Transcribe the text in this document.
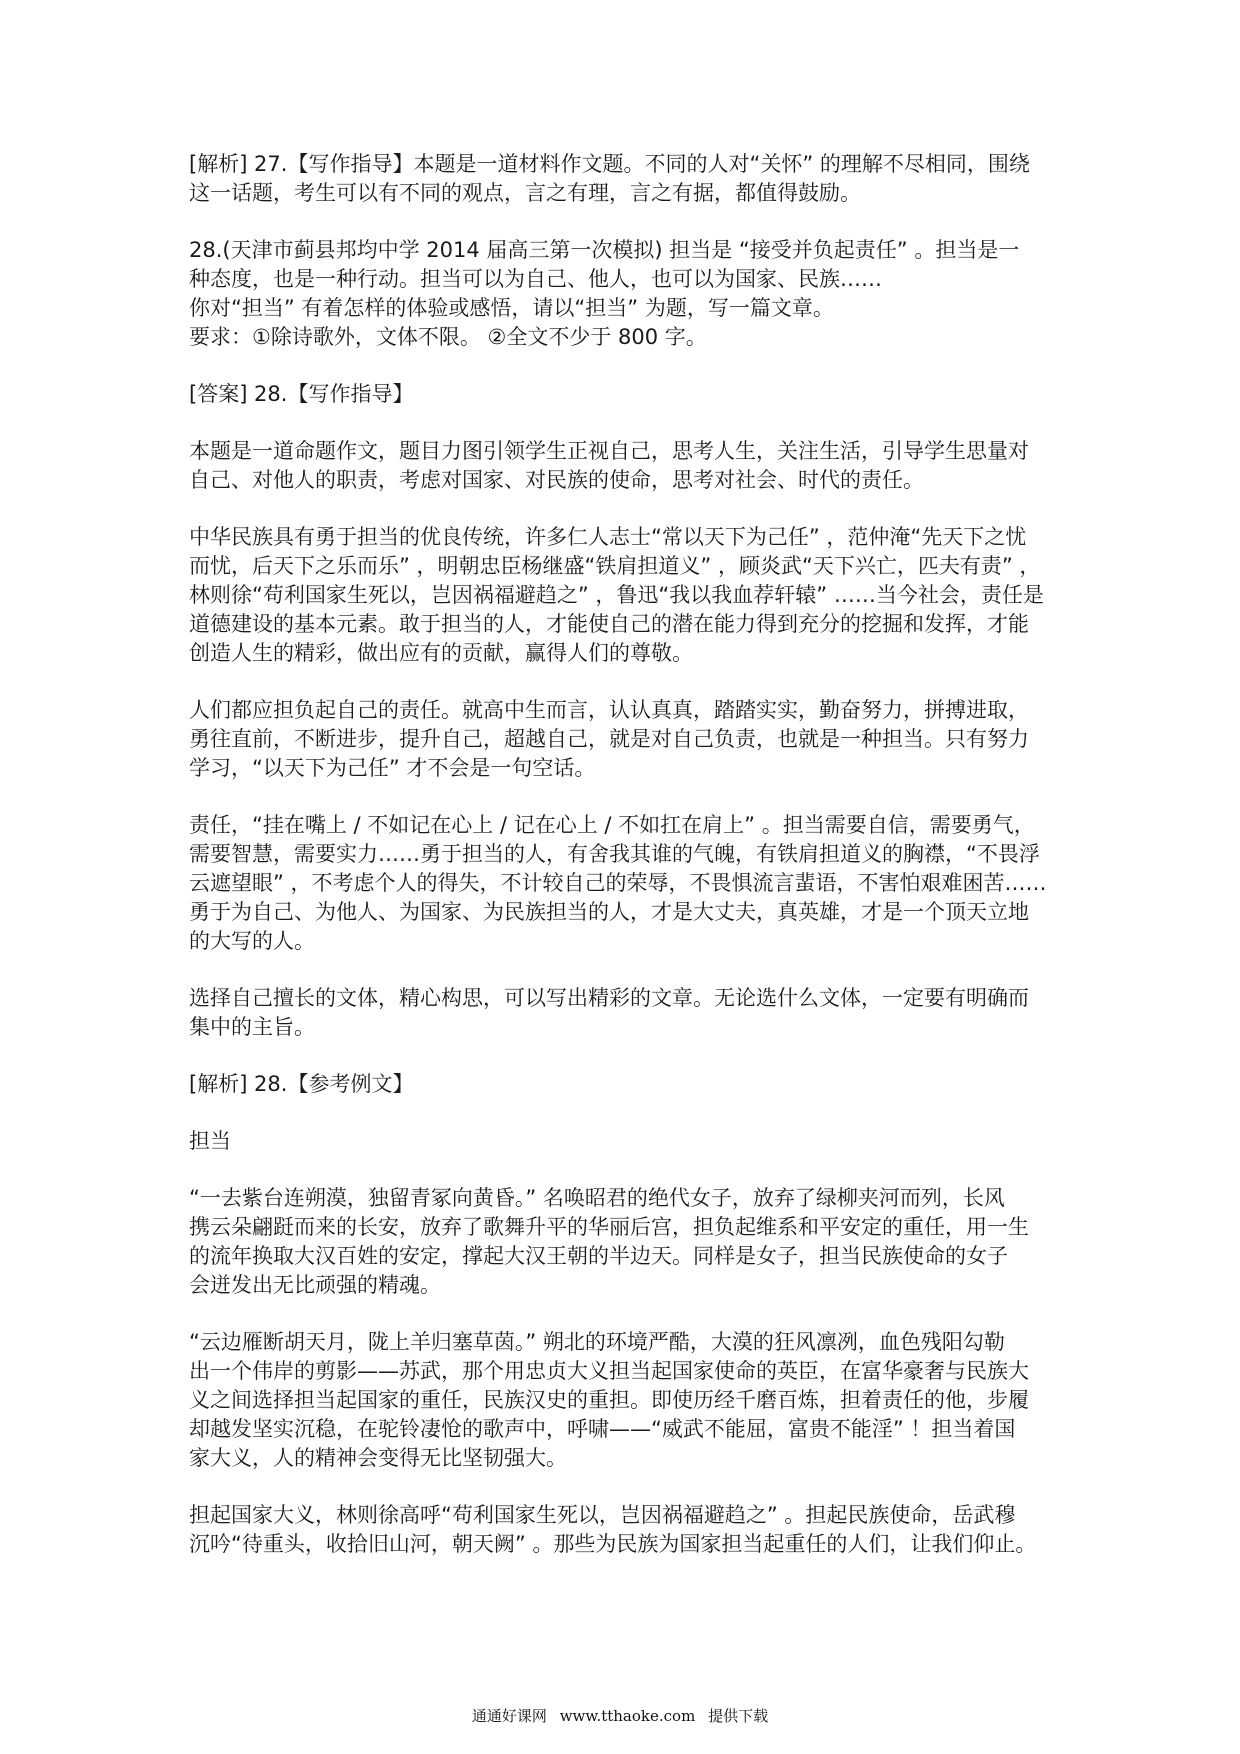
[解析] 27.【写作指导】本题是一道材料作文题。不同的人对“关怀” 的理解不尽相同，围绕
这一话题，考生可以有不同的观点，言之有理，言之有据，都值得鼓励。
28.(天津市蓟县邦均中学 2014 届高三第一次模拟) 担当是 “接受并负起责任” 。担当是一
种态度，也是一种行动。担当可以为自己、他人，也可以为国家、民族……
你对“担当” 有着怎样的体验或感悟，请以“担当” 为题，写一篇文章。
要求：①除诗歌外，文体不限。 ②全文不少于 800 字。
[答案] 28.【写作指导】
本题是一道命题作文，题目力图引领学生正视自己，思考人生，关注生活，引导学生思量对
自己、对他人的职责，考虑对国家、对民族的使命，思考对社会、时代的责任。
中华民族具有勇于担当的优良传统，许多仁人志士“常以天下为己任” ，范仲淹“先天下之忧
而忧，后天下之乐而乐” ，明朝忠臣杨继盛“铁肩担道义” ，顾炎武“天下兴亡，匹夫有责” ，
林则徐“苟利国家生死以，岂因祸福避趋之” ，鲁迅“我以我血荐轩辕” ……当今社会，责任是
道德建设的基本元素。敢于担当的人，才能使自己的潜在能力得到充分的挖掘和发挥，才能
创造人生的精彩，做出应有的贡献，赢得人们的尊敬。
人们都应担负起自己的责任。就高中生而言，认认真真，踏踏实实，勤奋努力，拼搏进取，
勇往直前，不断进步，提升自己，超越自己，就是对自己负责，也就是一种担当。只有努力
学习，“以天下为己任” 才不会是一句空话。
责任，“挂在嘴上 / 不如记在心上 / 记在心上 / 不如扛在肩上” 。担当需要自信，需要勇气，
需要智慧，需要实力……勇于担当的人，有舍我其谁的气魄，有铁肩担道义的胸襟，“不畏浮
云遮望眼” ，不考虑个人的得失，不计较自己的荣辱，不畏惧流言蜚语，不害怕艰难困苦……
勇于为自己、为他人、为国家、为民族担当的人，才是大丈夫，真英雄，才是一个顶天立地
的大写的人。
选择自己擅长的文体，精心构思，可以写出精彩的文章。无论选什么文体，一定要有明确而
集中的主旨。
[解析] 28.【参考例文】
担当
“一去紫台连朔漠，独留青冢向黄昏。” 名唤昭君的绝代女子，放弃了绿柳夹河而列，长风
携云朵翩跹而来的长安，放弃了歌舞升平的华丽后宫，担负起维系和平安定的重任，用一生
的流年换取大汉百姓的安定，撑起大汉王朝的半边天。同样是女子，担当民族使命的女子
会迸发出无比顽强的精魂。
“云边雁断胡天月，陇上羊归塞草茵。” 朔北的环境严酷，大漠的狂风凛冽，血色残阳勾勒
出一个伟岸的剪影——苏武，那个用忠贞大义担当起国家使命的英臣，在富华豪奢与民族大
义之间选择担当起国家的重任，民族汉史的重担。即使历经千磨百炼，担着责任的他，步履
却越发坚实沉稳，在驼铃凄怆的歌声中，呼啸——“威武不能屈，富贵不能淫” ！担当着国
家大义，人的精神会变得无比坚韧强大。
担起国家大义，林则徐高呼“苟利国家生死以，岂因祸福避趋之” 。担起民族使命，岳武穆
沉吟“待重头，收拾旧山河，朝天阙” 。那些为民族为国家担当起重任的人们，让我们仰止。
通通好课网 www.tthaoke.com 提供下载
